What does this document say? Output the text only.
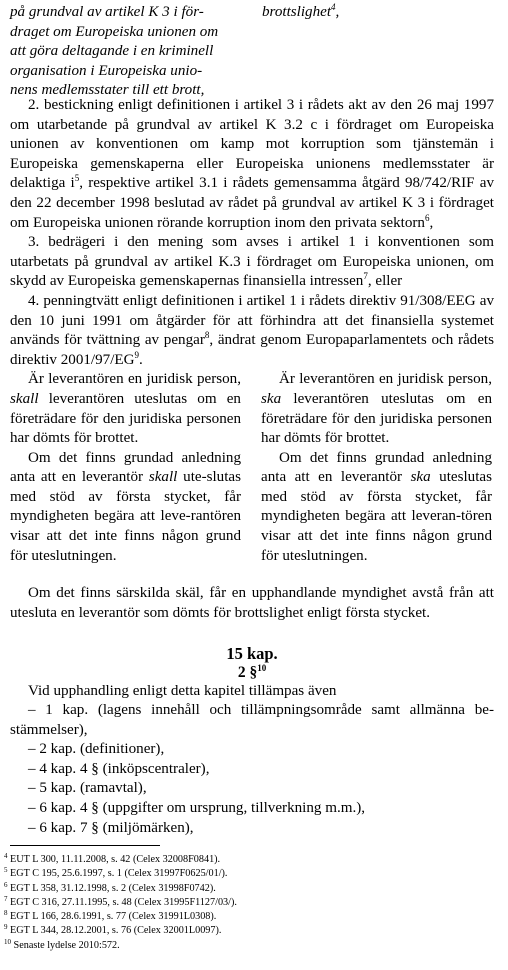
på grundval av artikel K 3 i för-
draget om Europeiska unionen om
att göra deltagande i en kriminell
organisation i Europeiska unio-
nens medlemsstater till ett brott,
brottslighet$^4$,

2. bestickning enligt definitionen i artikel 3 i rådets akt av den 26 maj 1997 om utarbetande på grundval av artikel K 3.2 c i fördraget om Europeiska unionen av konventionen om kamp mot korruption som tjänstemän i Europeiska gemenskaperna eller Europeiska unionens medlemsstater är delaktiga $i^5$, respektive artikel 3.1 i rådets gemensamma åtgärd 98/742/RIF av den 22 december 1998 beslutad av rådet på grundval av artikel K 3 i fördraget om Europeiska unionen rörande korruption inom den privata sektorn$^6$,

3. bedrägeri i den mening som avses i artikel 1 i konventionen som utarbetats på grundval av artikel K.3 i fördraget om Europeiska unionen, om skydd av Europeiska gemenskapernas finansiella intressen$^7$, eller

4. penningtvätt enligt definitionen i artikel 1 i rådets direktiv 91/308/EEG av den 10 juni 1991 om åtgärder för att förhindra att det finansiella systemet används för tvättning av pengar$^8$, ändrat genom Europaparlamentets och rådets direktiv $2001/97/EG^9$.

Är leverantören en juridisk person, skall leverantören uteslutas om en företrädare för den juridiska personen har dömts för brottet.

Om det finns grundad anledning anta att en leverantör skall ute-slutas med stöd av första stycket, får myndigheten begära att leve-rantören visar att det inte finns någon grund för uteslutningen.

Är leverantören en juridisk person, ska leverantören uteslutas om en företrädare för den juridiska personen har dömts för brottet.

Om det finns grundad anledning anta att en leverantör ska uteslutas med stöd av första stycket, får myndigheten begära att leveran-tören visar att det inte finns någon grund för uteslutningen.

Om det finns särskilda skäl, får en upphandlande myndighet avstå från att utesluta en leverantör som dömts för brottslighet enligt första stycket.

15 kap.
2 §$^{10}$

Vid upphandling enligt detta kapitel tillämpas även

– 1 kap. (lagens innehåll och tillämpningsområde samt allmänna be-stämmelser),

– 2 kap. (definitioner),

– 4 kap. 4 § (inköpscentraler),

– 5 kap. (ramavtal),

– 6 kap. 4 § (uppgifter om ursprung, tillverkning m.m.),

– 6 kap. 7 § (miljömärken),

$^4$ EUT L 300, 11.11.2008, s. 42 (Celex 32008F0841).
$^5$ EGT C 195, 25.6.1997, s. 1 (Celex 31997F0625/01/).
$^6$ EGT L 358, 31.12.1998, s. 2 (Celex 31998F0742).
$^7$ EGT C 316, 27.11.1995, s. 48 (Celex 31995F1127/03/).
$^8$ EGT L 166, 28.6.1991, s. 77 (Celex 31991L0308).
$^9$ EGT L 344, 28.12.2001, s. 76 (Celex 32001L0097).
$^{10}$ Senaste lydelse 2010:572.
